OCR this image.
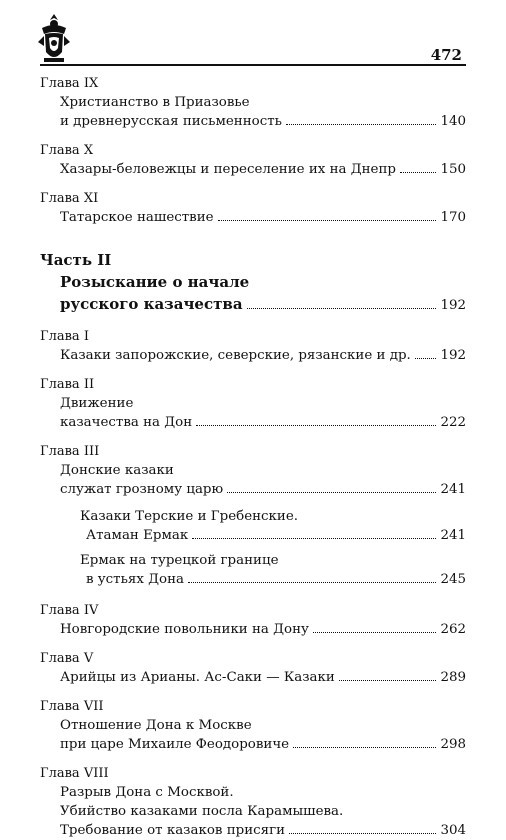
472
Глава IX
Христианство в Приазовье
и древнерусская письменность	140
Глава X
Хазары-беловежцы и переселение их на Днепр	150
Глава XI
Татарское нашествие	170
Часть II
Розыскание о начале
русского казачества	192
Глава I
Казаки запорожские, северские, рязанские и др. 192
Глава II
Движение
казачества на Дон	222
Глава III
Донские казаки
служат грозному царю	241
Казаки Терские и Гребенские.
Атаман Ермак	241
Ермак на турецкой границе
в устьях Дона	245
Глава IV
Новгородские повольники на Дону	262
Глава V
Арийцы из Арианы. Ас-Саки — Казаки	289
Глава VII
Отношение Дона к Москве
при царе Михаиле Феодоровиче	298
Глава VIII
Разрыв Дона с Москвой.
Убийство казаками посла Карамышева.
Требование от казаков присяги	304
